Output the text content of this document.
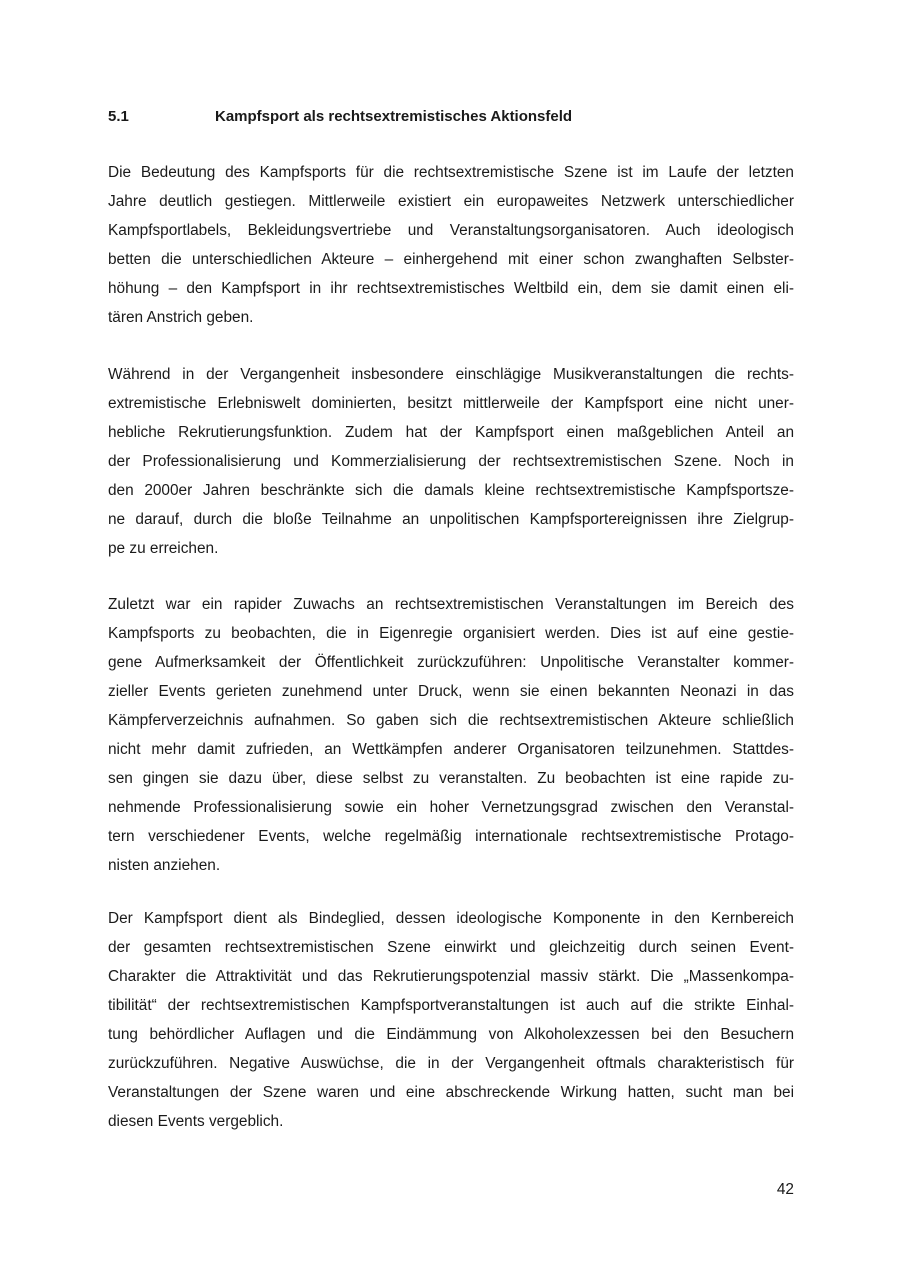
5.1	Kampfsport als rechtsextremistisches Aktionsfeld

Die Bedeutung des Kampfsports für die rechtsextremistische Szene ist im Laufe der letzten
Jahre deutlich gestiegen. Mittlerweile existiert ein europaweites Netzwerk unterschiedlicher
Kampfsportlabels, Bekleidungsvertriebe und Veranstaltungsorganisatoren. Auch ideologisch
betten die unterschiedlichen Akteure – einhergehend mit einer schon zwanghaften Selbster-
höhung – den Kampfsport in ihr rechtsextremistisches Weltbild ein, dem sie damit einen eli-
tären Anstrich geben.

Während in der Vergangenheit insbesondere einschlägige Musikveranstaltungen die rechts-
extremistische Erlebniswelt dominierten, besitzt mittlerweile der Kampfsport eine nicht uner-
hebliche Rekrutierungsfunktion. Zudem hat der Kampfsport einen maßgeblichen Anteil an
der Professionalisierung und Kommerzialisierung der rechtsextremistischen Szene. Noch in
den 2000er Jahren beschränkte sich die damals kleine rechtsextremistische Kampfsportsze-
ne darauf, durch die bloße Teilnahme an unpolitischen Kampfsportereignissen ihre Zielgrup-
pe zu erreichen.

Zuletzt war ein rapider Zuwachs an rechtsextremistischen Veranstaltungen im Bereich des
Kampfsports zu beobachten, die in Eigenregie organisiert werden. Dies ist auf eine gestie-
gene Aufmerksamkeit der Öffentlichkeit zurückzuführen: Unpolitische Veranstalter kommer-
zieller Events gerieten zunehmend unter Druck, wenn sie einen bekannten Neonazi in das
Kämpferverzeichnis aufnahmen. So gaben sich die rechtsextremistischen Akteure schließlich
nicht mehr damit zufrieden, an Wettkämpfen anderer Organisatoren teilzunehmen. Stattdes-
sen gingen sie dazu über, diese selbst zu veranstalten. Zu beobachten ist eine rapide zu-
nehmende Professionalisierung sowie ein hoher Vernetzungsgrad zwischen den Veranstal-
tern verschiedener Events, welche regelmäßig internationale rechtsextremistische Protago-
nisten anziehen.

Der Kampfsport dient als Bindeglied, dessen ideologische Komponente in den Kernbereich
der gesamten rechtsextremistischen Szene einwirkt und gleichzeitig durch seinen Event-
Charakter die Attraktivität und das Rekrutierungspotenzial massiv stärkt. Die „Massenkompa-
tibilität“ der rechtsextremistischen Kampfsportveranstaltungen ist auch auf die strikte Einhal-
tung behördlicher Auflagen und die Eindämmung von Alkoholexzessen bei den Besuchern
zurückzuführen. Negative Auswüchse, die in der Vergangenheit oftmals charakteristisch für
Veranstaltungen der Szene waren und eine abschreckende Wirkung hatten, sucht man bei
diesen Events vergeblich.

42
